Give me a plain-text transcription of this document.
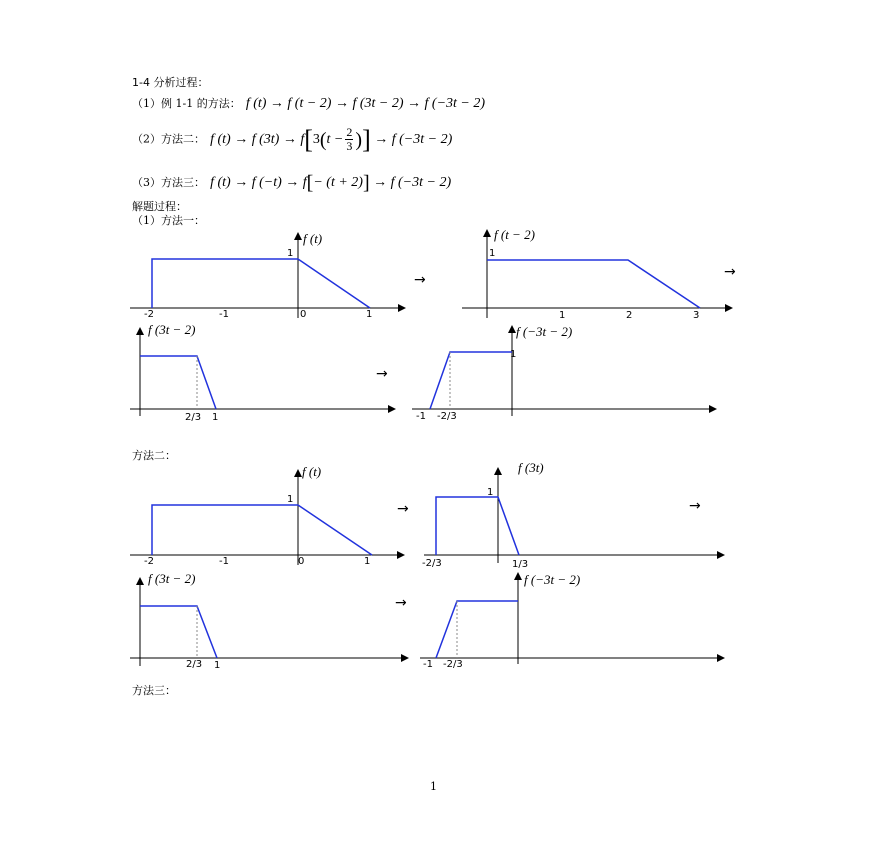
1-4 分析过程：
（1）例 1-1 的方法： f (t) → f (t − 2) → f (3t − 2) → f (−3t − 2)
（2）方法二： f (t) → f $(3t) \to f[3(t - \frac{2}{3}$ )] → f (−3t − 2)
（3）方法三： f (t) → f (−t) → f[− (t + 2)] → f (−3t − 2)
解题过程：
（1）方法一：
方法二：
方法三：
1
f (t)
1
-2	-1	0	1
→
f (t − 2)
1
1	2	3
→
f (3t − 2)
2/3 1
→
f (−3t − 2)
1
-1 -2/3
f (t)
1
-2	-1	0	1
→
f (3t)
1
-2/3	1/3
→
f (3t − 2)
2/3 1
→
f (−3t − 2)
-1 -2/3
